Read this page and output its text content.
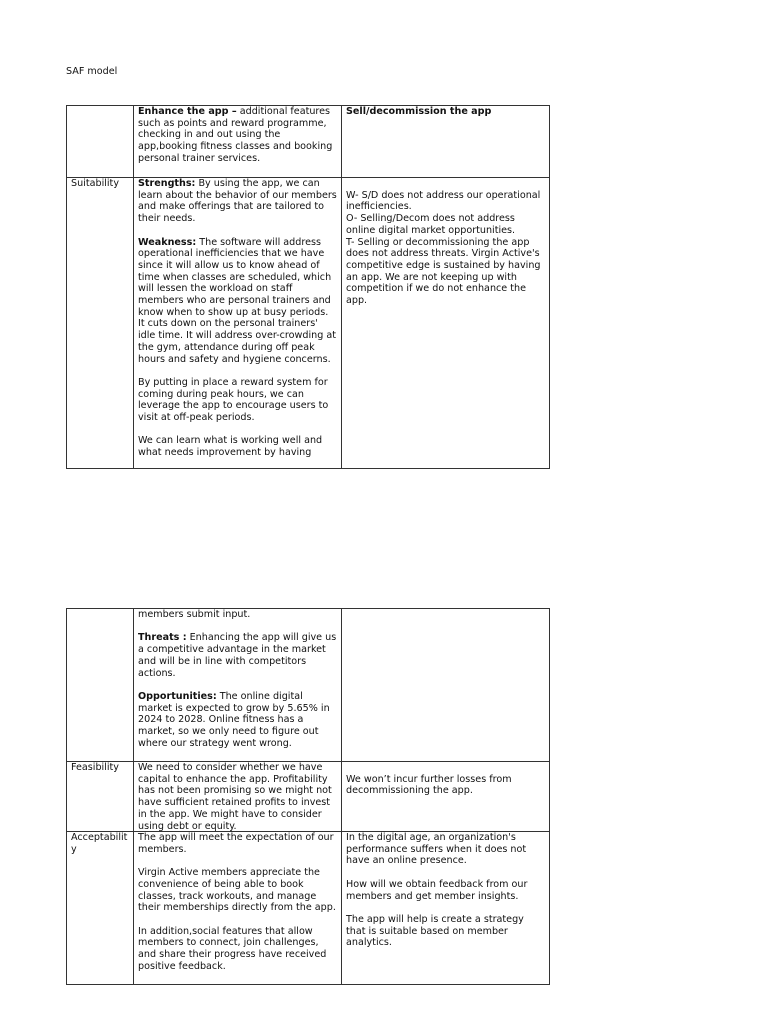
SAF model

Enhance the app – additional features such as points and reward programme, checking in and out using the app,booking fitness classes and booking personal trainer services.

Sell/decommission the app

Suitability	Strengths: By using the app, we can learn about the behavior of our members and make offerings that are tailored to their needs.

Weakness: The software will address operational inefficiencies that we have since it will allow us to know ahead of time when classes are scheduled, which will lessen the workload on staff members who are personal trainers and know when to show up at busy periods. It cuts down on the personal trainers' idle time. It will address over-crowding at the gym, attendance during off peak hours and safety and hygiene concerns.

By putting in place a reward system for coming during peak hours, we can leverage the app to encourage users to visit at off-peak periods.

We can learn what is working well and what needs improvement by having

W- S/D does not address our operational inefficiencies.

O- Selling/Decom does not address online digital market opportunities.

T- Selling or decommissioning the app does not address threats. Virgin Active's competitive edge is sustained by having an app. We are not keeping up with competition if we do not enhance the app.

members submit input.

Threats : Enhancing the app will give us a competitive advantage in the market and will be in line with competitors actions.

Opportunities: The online digital market is expected to grow by 5.65% in 2024 to 2028. Online fitness has a market, so we only need to figure out where our strategy went wrong.

Feasibility	We need to consider whether we have capital to enhance the app. Profitability has not been promising so we might not have sufficient retained profits to invest in the app. We might have to consider using debt or equity.

We won’t incur further losses from decommissioning the app.

Acceptability

The app will meet the expectation of our members.

Virgin Active members appreciate the convenience of being able to book classes, track workouts, and manage their memberships directly from the app.

In addition,social features that allow members to connect, join challenges, and share their progress have received positive feedback.

In the digital age, an organization's performance suffers when it does not have an online presence.

How will we obtain feedback from our members and get member insights.

The app will help is create a strategy that is suitable based on member analytics.
